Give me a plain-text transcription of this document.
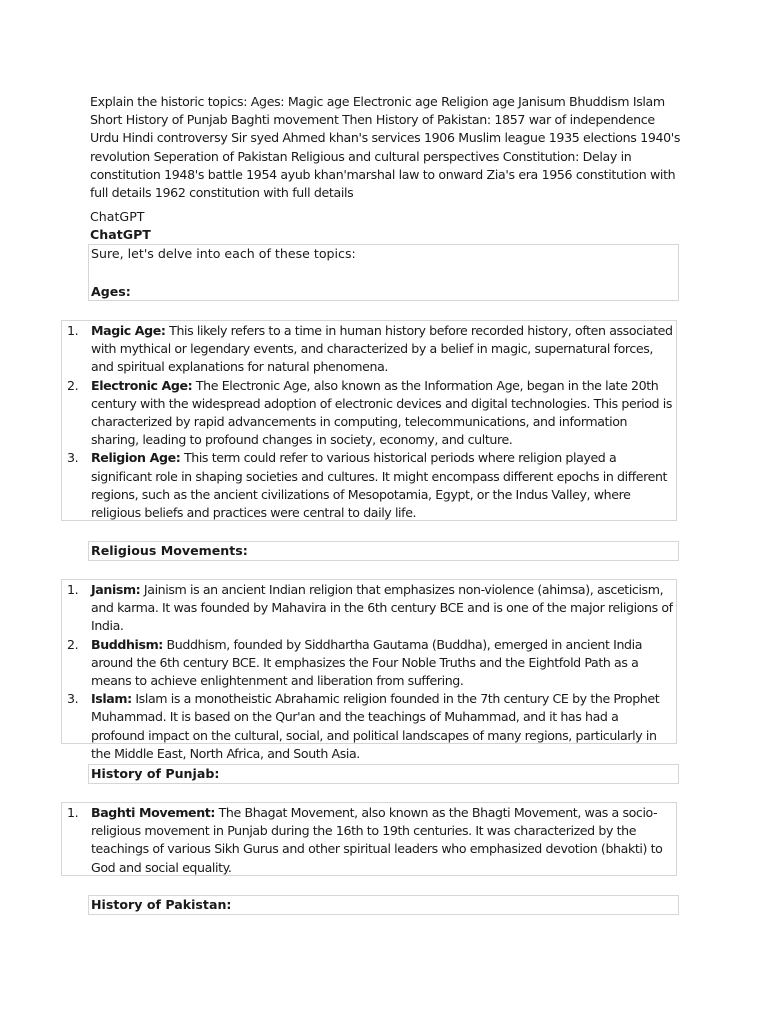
Explain the historic topics: Ages: Magic age Electronic age Religion age Janisum Bhuddism Islam Short History of Punjab Baghti movement Then History of Pakistan: 1857 war of independence Urdu Hindi controversy Sir syed Ahmed khan's services 1906 Muslim league 1935 elections 1940's revolution Seperation of Pakistan Religious and cultural perspectives Constitution: Delay in constitution 1948's battle 1954 ayub khan'marshal law to onward Zia's era 1956 constitution with full details 1962 constitution with full details

ChatGPT

ChatGPT

Sure, let's delve into each of these topics:

Ages:

1. Magic Age: This likely refers to a time in human history before recorded history, often associated with mythical or legendary events, and characterized by a belief in magic, supernatural forces, and spiritual explanations for natural phenomena.
2. Electronic Age: The Electronic Age, also known as the Information Age, began in the late 20th century with the widespread adoption of electronic devices and digital technologies. This period is characterized by rapid advancements in computing, telecommunications, and information sharing, leading to profound changes in society, economy, and culture.
3. Religion Age: This term could refer to various historical periods where religion played a significant role in shaping societies and cultures. It might encompass different epochs in different regions, such as the ancient civilizations of Mesopotamia, Egypt, or the Indus Valley, where religious beliefs and practices were central to daily life.
Religious Movements:
1. Janism: Jainism is an ancient Indian religion that emphasizes non-violence (ahimsa), asceticism, and karma. It was founded by Mahavira in the 6th century BCE and is one of the major religions of India.
2. Buddhism: Buddhism, founded by Siddhartha Gautama (Buddha), emerged in ancient India around the 6th century BCE. It emphasizes the Four Noble Truths and the Eightfold Path as a means to achieve enlightenment and liberation from suffering.
3. Islam: Islam is a monotheistic Abrahamic religion founded in the 7th century CE by the Prophet Muhammad. It is based on the Qur'an and the teachings of Muhammad, and it has had a profound impact on the cultural, social, and political landscapes of many regions, particularly in the Middle East, North Africa, and South Asia.
History of Punjab:
1. Baghti Movement: The Bhagat Movement, also known as the Bhagti Movement, was a socio-religious movement in Punjab during the 16th to 19th centuries. It was characterized by the teachings of various Sikh Gurus and other spiritual leaders who emphasized devotion (bhakti) to God and social equality.
History of Pakistan:
